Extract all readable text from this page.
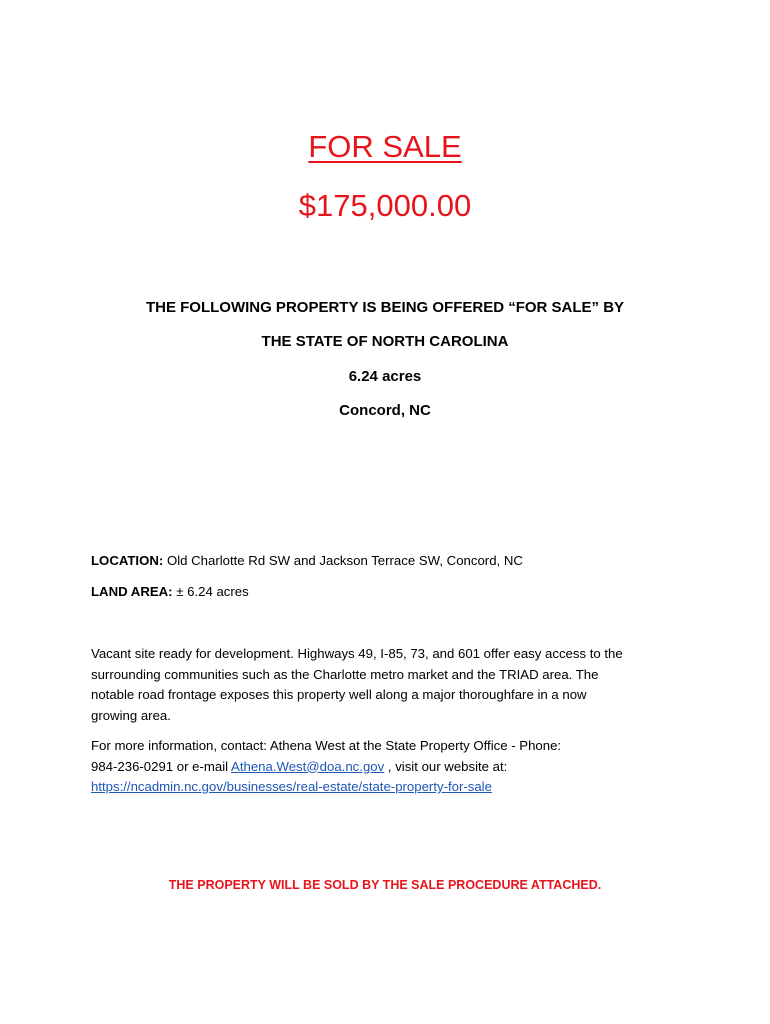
FOR SALE
$175,000.00
THE FOLLOWING PROPERTY IS BEING OFFERED “FOR SALE” BY
THE STATE OF NORTH CAROLINA
6.24 acres
Concord, NC
LOCATION: Old Charlotte Rd SW and Jackson Terrace SW, Concord, NC
LAND AREA: ± 6.24 acres
Vacant site ready for development. Highways 49, I-85, 73, and 601 offer easy access to the
surrounding communities such as the Charlotte metro market and the TRIAD area. The
notable road frontage exposes this property well along a major thoroughfare in a now
growing area.
For more information, contact: Athena West at the State Property Office - Phone:
984-236-0291 or e-mail Athena.West@doa.nc.gov , visit our website at:
https://ncadmin.nc.gov/businesses/real-estate/state-property-for-sale
THE PROPERTY WILL BE SOLD BY THE SALE PROCEDURE ATTACHED.
